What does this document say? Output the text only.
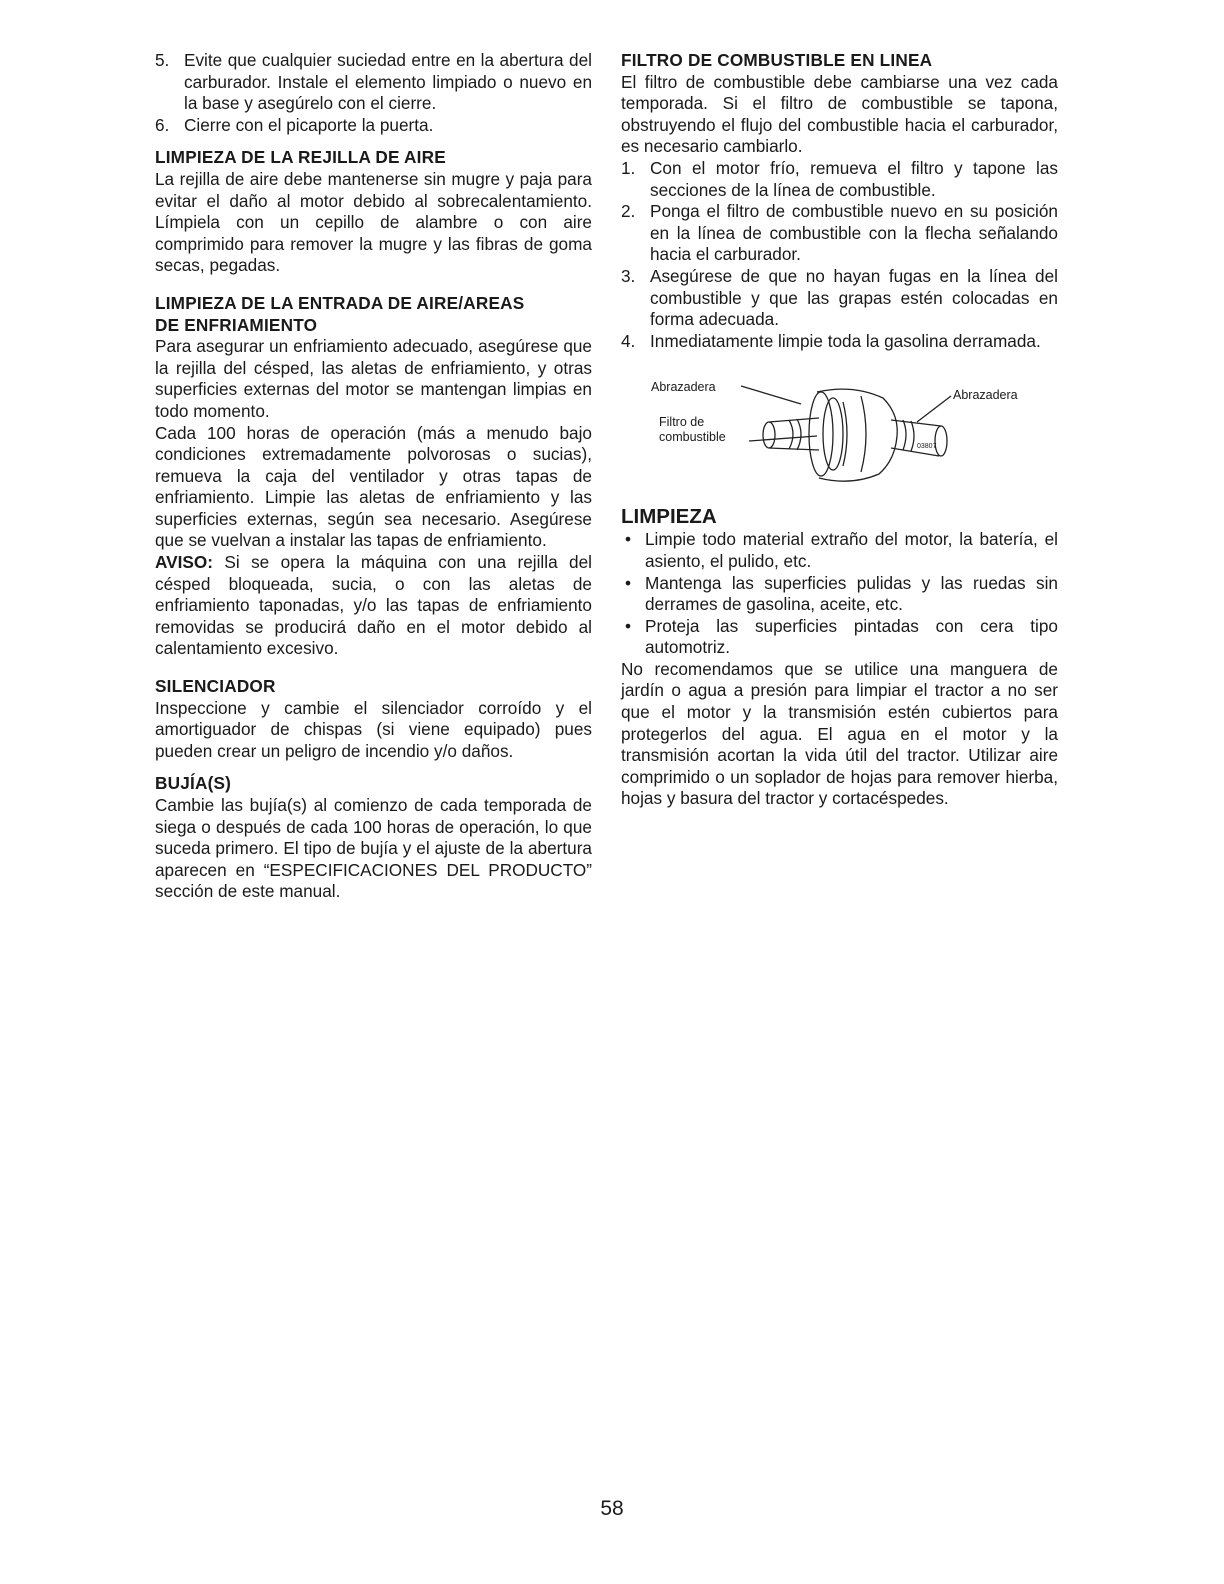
5. Evite que cualquier suciedad entre en la abertura del carburador. Instale el elemento limpiado o nuevo en la base y asegúrelo con el cierre.
6. Cierre con el picaporte la puerta.

LIMPIEZA DE LA REJILLA DE AIRE

La rejilla de aire debe mantenerse sin mugre y paja para evitar el daño al motor debido al sobrecalentamiento. Límpiela con un cepillo de alambre o con aire comprimido para remover la mugre y las fibras de goma secas, pegadas.

LIMPIEZA DE LA ENTRADA DE AIRE/AREAS

DE ENFRIAMIENTO

Para asegurar un enfriamiento adecuado, asegúrese que la rejilla del césped, las aletas de enfriamiento, y otras superficies externas del motor se mantengan limpias en todo momento.

Cada 100 horas de operación (más a menudo bajo condiciones extremadamente polvorosas o sucias), remueva la caja del ventilador y otras tapas de enfriamiento. Limpie las aletas de enfriamiento y las superficies externas, según sea necesario. Asegúrese que se vuelvan a instalar las tapas de enfriamiento.

AVISO: Si se opera la máquina con una rejilla del césped bloqueada, sucia, o con las aletas de enfriamiento taponadas, y/o las tapas de enfriamiento removidas se producirá daño en el motor debido al calentamiento excesivo.

SILENCIADOR

Inspeccione y cambie el silenciador corroído y el amortiguador de chispas (si viene equipado) pues pueden crear un peligro de incendio y/o daños.

BUJÍA(S)

Cambie las bujía(s) al comienzo de cada temporada de siega o después de cada 100 horas de operación, lo que suceda primero. El tipo de bujía y el ajuste de la abertura aparecen en “ESPECIFICACIONES DEL PRODUCTO” sección de este manual.

FILTRO DE COMBUSTIBLE EN LINEA

El filtro de combustible debe cambiarse una vez cada temporada. Si el filtro de combustible se tapona, obstruyendo el flujo del combustible hacia el carburador, es necesario cambiarlo.

1. Con el motor frío, remueva el filtro y tapone las secciones de la línea de combustible.
2. Ponga el filtro de combustible nuevo en su posición en la línea de combustible con la flecha señalando hacia el carburador.
3. Asegúrese de que no hayan fugas en la línea del combustible y que las grapas estén colocadas en forma adecuada.
4. Inmediatamente limpie toda la gasolina derramada.
Abrazadera
Filtro de
combustible
Abrazadera
03807

LIMPIEZA

• Limpie todo material extraño del motor, la batería, el asiento, el pulido, etc.
• Mantenga las superficies pulidas y las ruedas sin derrames de gasolina, aceite, etc.
• Proteja las superficies pintadas con cera tipo automotriz.

No recomendamos que se utilice una manguera de jardín o agua a presión para limpiar el tractor a no ser que el motor y la transmisión estén cubiertos para protegerlos del agua. El agua en el motor y la transmisión acortan la vida útil del tractor. Utilizar aire comprimido o un soplador de hojas para remover hierba, hojas y basura del tractor y cortacéspedes.

58
